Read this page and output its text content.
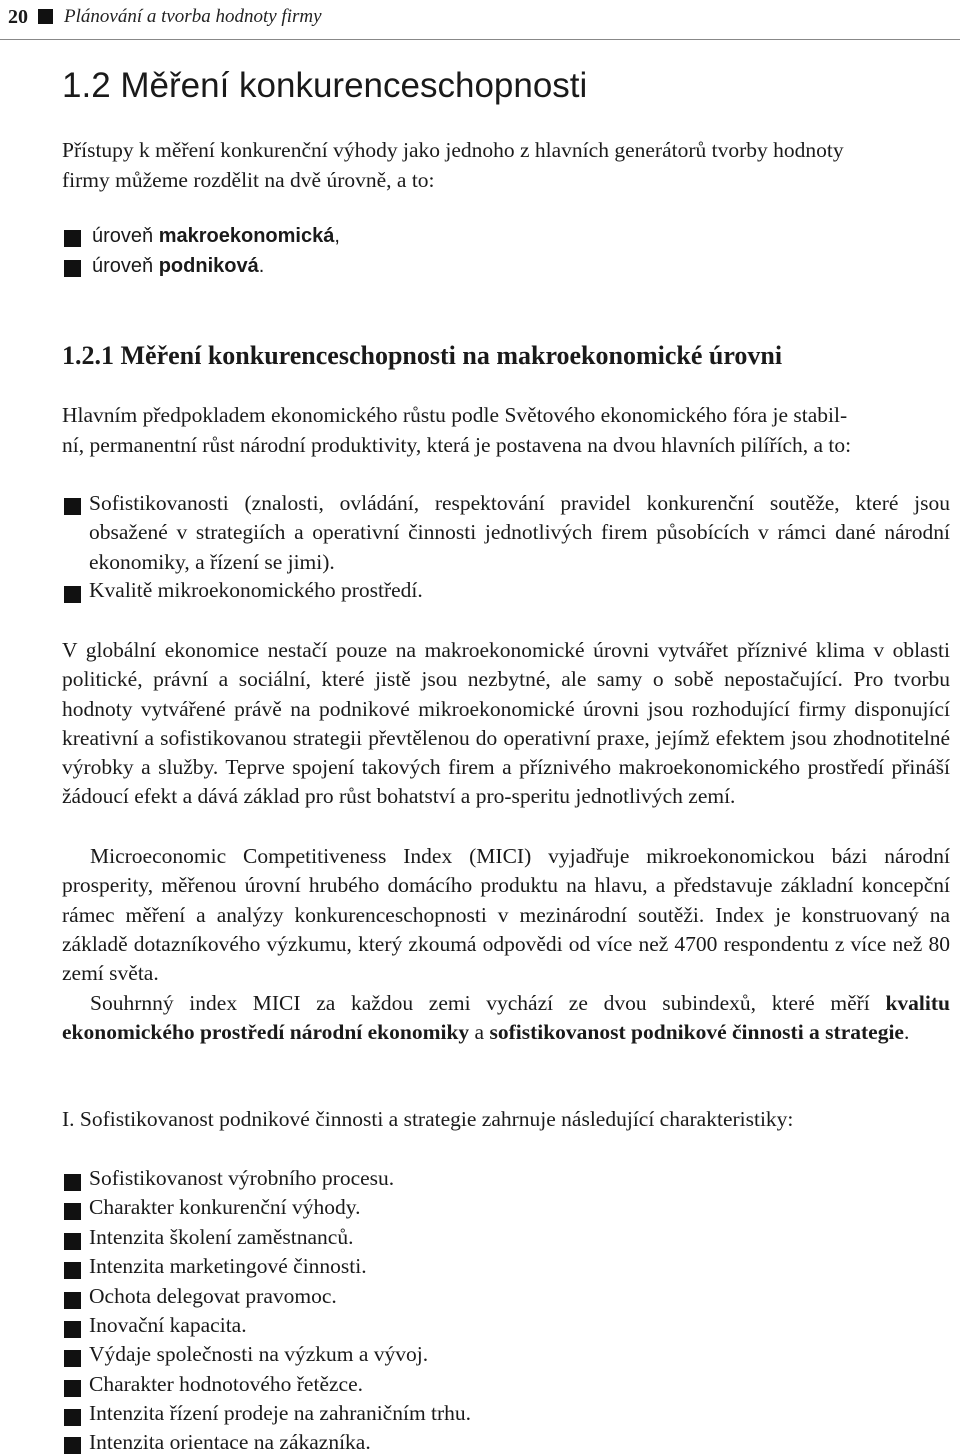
20 Plánování a tvorba hodnoty firmy
1.2 Měření konkurenceschopnosti
Přístupy k měření konkurenční výhody jako jednoho z hlavních generátorů tvorby hodnoty
firmy můžeme rozdělit na dvě úrovně, a to:
úroveň makroekonomická,
úroveň podniková.
1.2.1 Měření konkurenceschopnosti na makroekonomické úrovni
Hlavním předpokladem ekonomického růstu podle Světového ekonomického fóra je stabil-
ní, permanentní růst národní produktivity, která je postavena na dvou hlavních pilířích, a to:

Sofistikovanosti (znalosti, ovládání, respektování pravidel konkurenční soutěže, které jsou obsažené v strategiích a operativní činnosti jednotlivých firem působících v rámci dané národní ekonomiky, a řízení se jimi).

Kvalitě mikroekonomického prostředí.

V globální ekonomice nestačí pouze na makroekonomické úrovni vytvářet příznivé klima v oblasti politické, právní a sociální, které jistě jsou nezbytné, ale samy o sobě nepostačující. Pro tvorbu hodnoty vytvářené právě na podnikové mikroekonomické úrovni jsou rozhodující firmy disponující kreativní a sofistikovanou strategii převtělenou do operativní praxe, jejímž efektem jsou zhodnotitelné výrobky a služby. Teprve spojení takových firem a příznivého makroekonomického prostředí přináší žádoucí efekt a dává základ pro růst bohatství a pro-speritu jednotlivých zemí.

Microeconomic Competitiveness Index (MICI) vyjadřuje mikroekonomickou bázi národní prosperity, měřenou úrovní hrubého domácího produktu na hlavu, a představuje základní koncepční rámec měření a analýzy konkurenceschopnosti v mezinárodní soutěži. Index je konstruovaný na základě dotazníkového výzkumu, který zkoumá odpovědi od více než 4700 respondentu z více než 80 zemí světa.

Souhrnný index MICI za každou zemi vychází ze dvou subindexů, které měří kvalitu ekonomického prostředí národní ekonomiky a sofistikovanost podnikové činnosti a strategie.

I. Sofistikovanost podnikové činnosti a strategie zahrnuje následující charakteristiky:
Sofistikovanost výrobního procesu.
Charakter konkurenční výhody.
Intenzita školení zaměstnanců.
Intenzita marketingové činnosti.
Ochota delegovat pravomoc.
Inovační kapacita.
Výdaje společnosti na výzkum a vývoj.
Charakter hodnotového řetězce.
Intenzita řízení prodeje na zahraničním trhu.
Intenzita orientace na zákazníka.
